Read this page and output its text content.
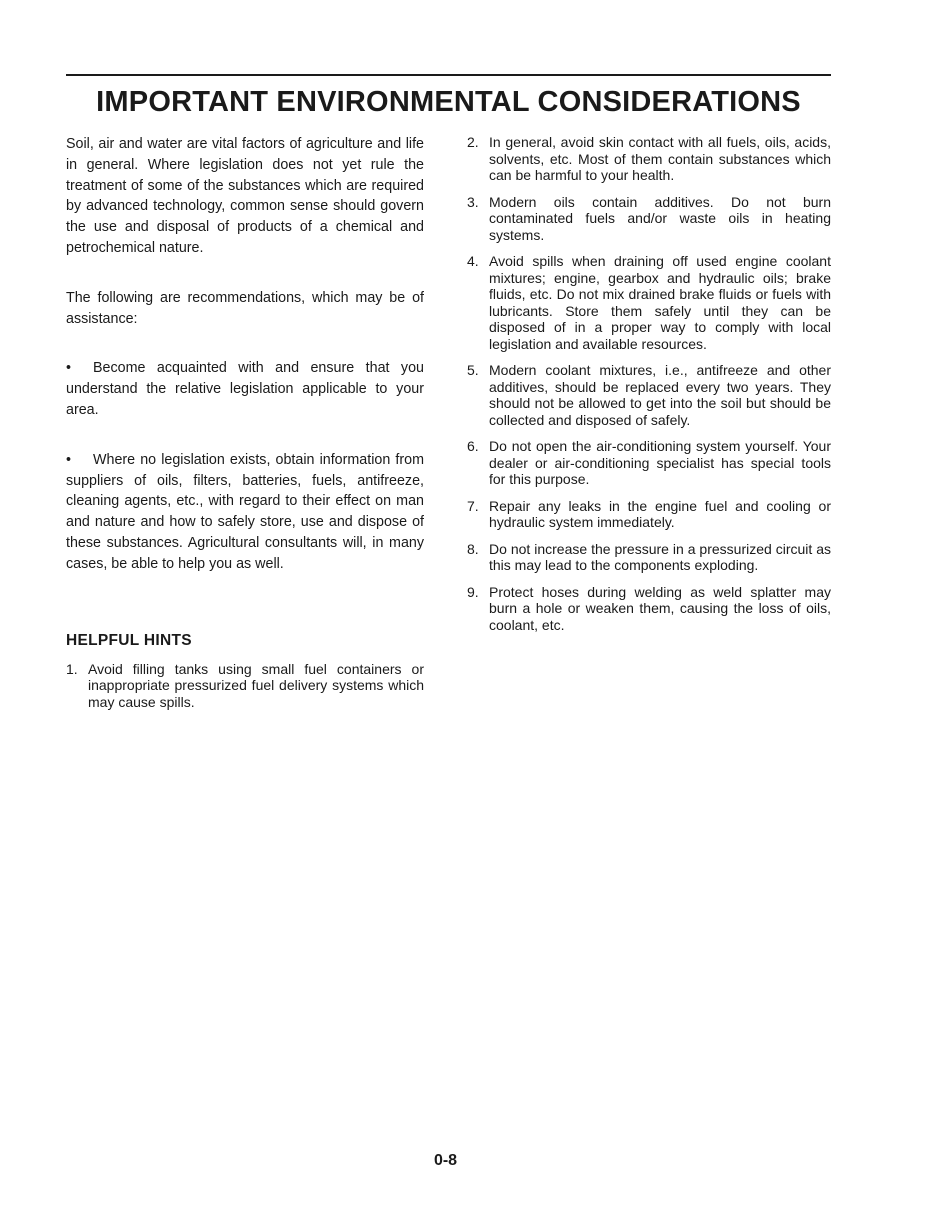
IMPORTANT ENVIRONMENTAL CONSIDERATIONS

Soil, air and water are vital factors of agriculture and life in general. Where legislation does not yet rule the treatment of some of the substances which are required by advanced technology, common sense should govern the use and disposal of products of a chemical and petrochemical nature.

The following are recommendations, which may be of assistance:

• Become acquainted with and ensure that you understand the relative legislation applicable to your area.

• Where no legislation exists, obtain information from suppliers of oils, filters, batteries, fuels, antifreeze, cleaning agents, etc., with regard to their effect on man and nature and how to safely store, use and dispose of these substances. Agricultural consultants will, in many cases, be able to help you as well.

HELPFUL HINTS
1. Avoid filling tanks using small fuel containers or inappropriate pressurized fuel delivery systems which may cause spills.
2. In general, avoid skin contact with all fuels, oils, acids, solvents, etc. Most of them contain substances which can be harmful to your health.
3. Modern oils contain additives. Do not burn contaminated fuels and/or waste oils in heating systems.
4. Avoid spills when draining off used engine coolant mixtures; engine, gearbox and hydraulic oils; brake fluids, etc. Do not mix drained brake fluids or fuels with lubricants. Store them safely until they can be disposed of in a proper way to comply with local legislation and available resources.
5. Modern coolant mixtures, i.e., antifreeze and other additives, should be replaced every two years. They should not be allowed to get into the soil but should be collected and disposed of safely.
6. Do not open the air-conditioning system yourself. Your dealer or air-conditioning specialist has special tools for this purpose.
7. Repair any leaks in the engine fuel and cooling or hydraulic system immediately.
8. Do not increase the pressure in a pressurized circuit as this may lead to the components exploding.
9. Protect hoses during welding as weld splatter may burn a hole or weaken them, causing the loss of oils, coolant, etc.
0-8
